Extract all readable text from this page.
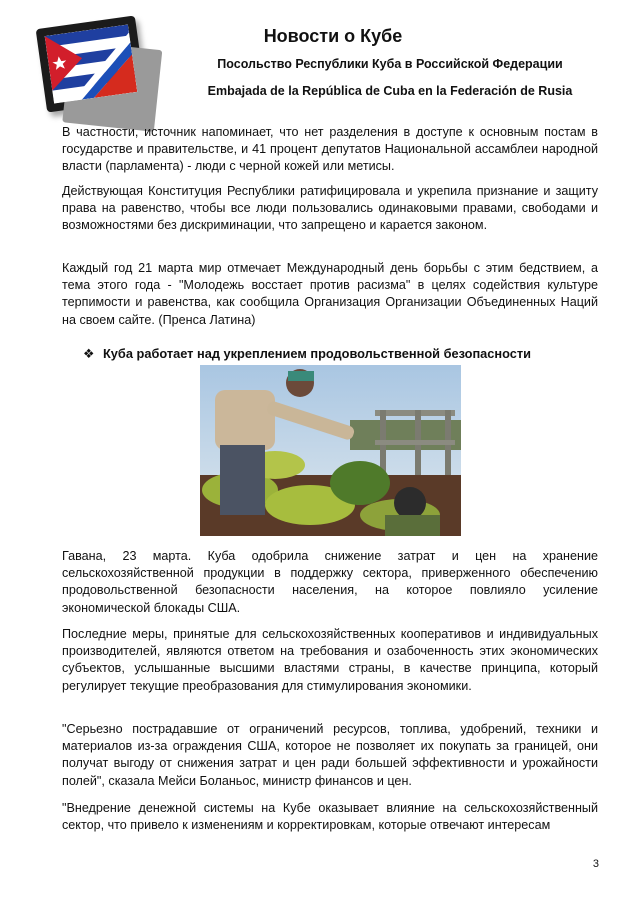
Новости о Кубе
Посольство Республики Куба в Российской Федерации
Embajada de la República de Cuba en la Federación de Rusia

В частности, источник напоминает, что нет разделения в доступе к основным постам в государстве и правительстве, и 41 процент депутатов Национальной ассамблеи народной власти (парламента) - люди с черной кожей или метисы.

Действующая Конституция Республики ратифицировала и укрепила признание и защиту права на равенство, чтобы все люди пользовались одинаковыми правами, свободами и возможностями без дискриминации, что запрещено и карается законом.

Каждый год 21 марта мир отмечает Международный день борьбы с этим бедствием, а тема этого года - "Молодежь восстает против расизма" в целях содействия культуре терпимости и равенства, как сообщила Организация Организации Объединенных Наций на своем сайте. (Пренса Латина)

❖ Куба работает над укреплением продовольственной безопасности

Гавана, 23 марта. Куба одобрила снижение затрат и цен на хранение сельскохозяйственной продукции в поддержку сектора, приверженного обеспечению продовольственной безопасности населения, на которое повлияло усиление экономической блокады США.

Последние меры, принятые для сельскохозяйственных кооперативов и индивидуальных производителей, являются ответом на требования и озабоченность этих экономических субъектов, услышанные высшими властями страны, в качестве принципа, который регулирует текущие преобразования для стимулирования экономики.

"Серьезно пострадавшие от ограничений ресурсов, топлива, удобрений, техники и материалов из-за ограждения США, которое не позволяет их покупать за границей, они получат выгоду от снижения затрат и цен ради большей эффективности и урожайности полей", сказала Мейси Боланьос, министр финансов и цен.

"Внедрение денежной системы на Кубе оказывает влияние на сельскохозяйственный сектор, что привело к изменениям и корректировкам, которые отвечают интересам

3
